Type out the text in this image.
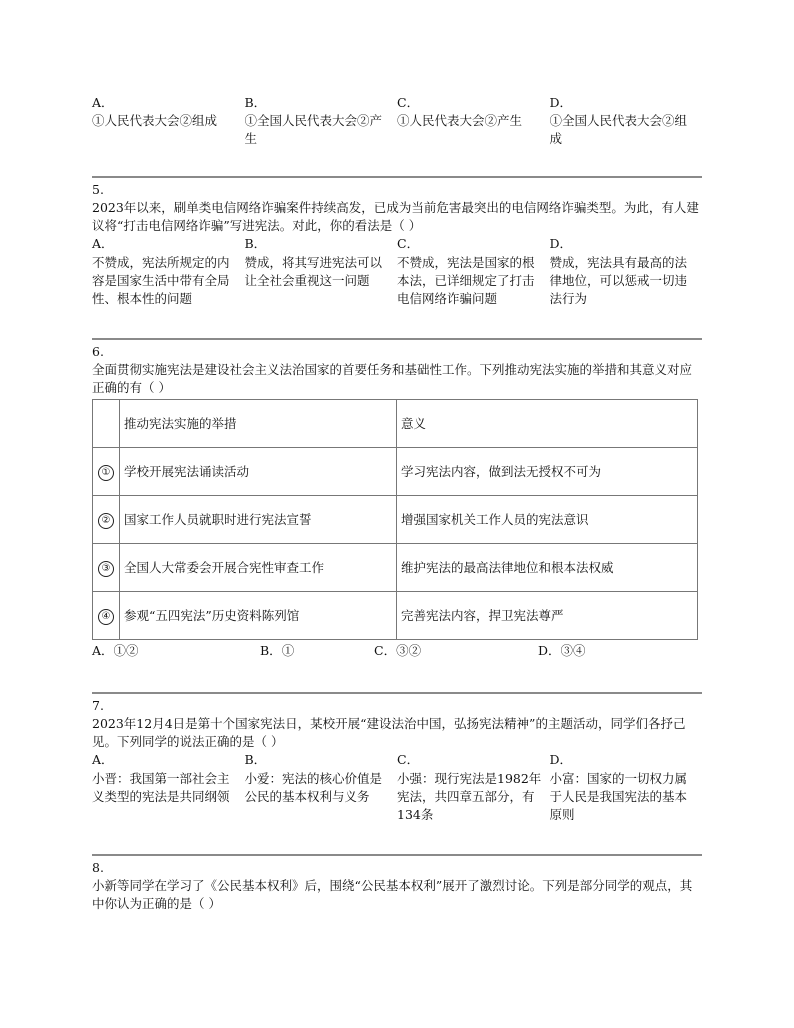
A．
①人民代表大会②组成
B．
①全国人民代表大会②产生
C．
①人民代表大会②产生
D．
①全国人民代表大会②组成
5.
2023年以来，刷单类电信网络诈骗案件持续高发，已成为当前危害最突出的电信网络诈骗类型。为此，有人建议将“打击电信网络诈骗”写进宪法。对此，你的看法是（ ）
A．
不赞成，宪法所规定的内容是国家生活中带有全局性、根本性的问题
B．
赞成，将其写进宪法可以让全社会重视这一问题
C．
不赞成，宪法是国家的根本法，已详细规定了打击电信网络诈骗问题
D．
赞成，宪法具有最高的法律地位，可以惩戒一切违法行为
6.
全面贯彻实施宪法是建设社会主义法治国家的首要任务和基础性工作。下列推动宪法实施的举措和其意义对应正确的有（ ）
	推动宪法实施的举措	意义
①	学校开展宪法诵读活动	学习宪法内容，做到法无授权不可为
②	国家工作人员就职时进行宪法宣誓	增强国家机关工作人员的宪法意识
③	全国人大常委会开展合宪性审查工作	维护宪法的最高法律地位和根本法权威
④	参观“五四宪法”历史资料陈列馆	完善宪法内容，捍卫宪法尊严
A．①②	B．①	C．③②	D．③④
7.
2023年12月4日是第十个国家宪法日，某校开展“建设法治中国，弘扬宪法精神”的主题活动，同学们各抒己见。下列同学的说法正确的是（ ）
A．
小晋：我国第一部社会主义类型的宪法是共同纲领
B．
小爱：宪法的核心价值是公民的基本权利与义务
C．
小强：现行宪法是1982年宪法，共四章五部分，有134条
D．
小富：国家的一切权力属于人民是我国宪法的基本原则
8.
小新等同学在学习了《公民基本权利》后，围绕“公民基本权利”展开了激烈讨论。下列是部分同学的观点，其中你认为正确的是（ ）
